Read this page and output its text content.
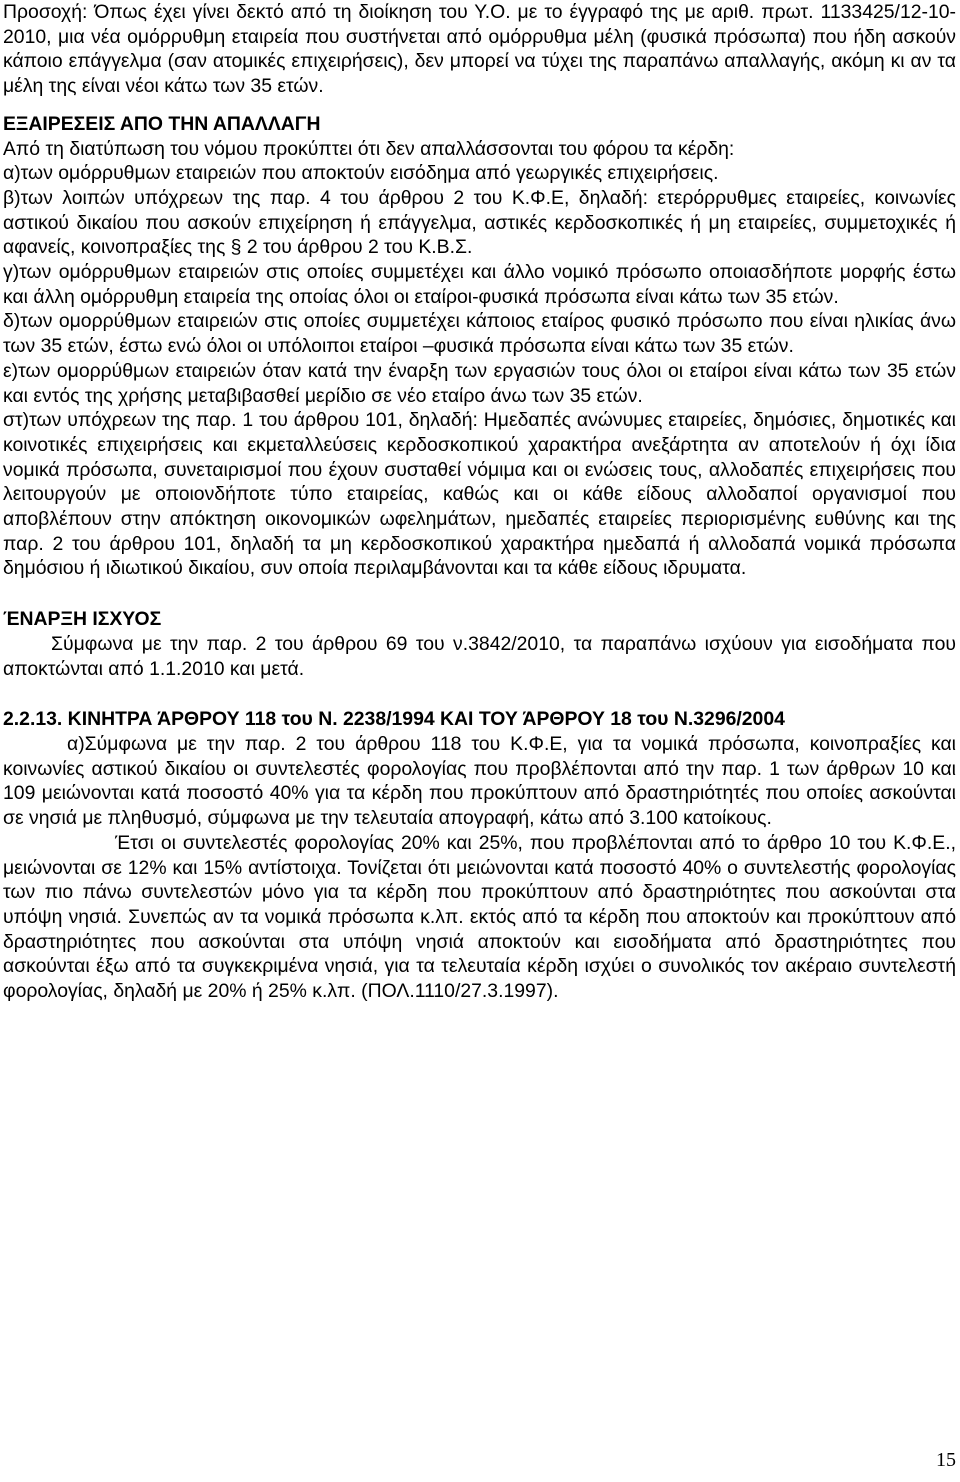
Προσοχή: Όπως έχει γίνει δεκτό από τη διοίκηση του Υ.Ο. με το έγγραφό της με αριθ. πρωτ. 1133425/12-10-2010, μια νέα ομόρρυθμη εταιρεία που συστήνεται από ομόρρυθμα μέλη (φυσικά πρόσωπα) που ήδη ασκούν κάποιο επάγγελμα (σαν ατομικές επιχειρήσεις), δεν μπορεί να τύχει της παραπάνω απαλλαγής, ακόμη κι αν τα μέλη της είναι νέοι κάτω των 35 ετών.

ΕΞΑΙΡΕΣΕΙΣ ΑΠΟ ΤΗΝ ΑΠΑΛΛΑΓΗ

Από τη διατύπωση του νόμου προκύπτει ότι δεν απαλλάσσονται του φόρου τα κέρδη:

α)των ομόρρυθμων εταιρειών που αποκτούν εισόδημα από γεωργικές επιχειρήσεις.

β)των λοιπών υπόχρεων της παρ. 4 του άρθρου 2 του Κ.Φ.Ε, δηλαδή: ετερόρρυθμες εταιρείες, κοινωνίες αστικού δικαίου που ασκούν επιχείρηση ή επάγγελμα, αστικές κερδοσκοπικές ή μη εταιρείες, συμμετοχικές ή αφανείς, κοινοπραξίες της § 2 του άρθρου 2 του Κ.Β.Σ.

γ)των ομόρρυθμων εταιρειών στις οποίες συμμετέχει και άλλο νομικό πρόσωπο οποιασδήποτε μορφής έστω και άλλη ομόρρυθμη εταιρεία της οποίας όλοι οι εταίροι-φυσικά πρόσωπα είναι κάτω των 35 ετών.

δ)των ομορρύθμων εταιρειών στις οποίες συμμετέχει κάποιος εταίρος φυσικό πρόσωπο που είναι ηλικίας άνω των 35 ετών, έστω ενώ όλοι οι υπόλοιποι εταίροι –φυσικά πρόσωπα είναι κάτω των 35 ετών.

ε)των ομορρύθμων εταιρειών όταν κατά την έναρξη των εργασιών τους όλοι οι εταίροι είναι κάτω των 35 ετών και εντός της χρήσης μεταβιβασθεί μερίδιο σε νέο εταίρο άνω των 35 ετών.

στ)των υπόχρεων της παρ. 1 του άρθρου 101, δηλαδή: Ημεδαπές ανώνυμες εταιρείες, δημόσιες, δημοτικές και κοινοτικές επιχειρήσεις και εκμεταλλεύσεις κερδοσκοπικού χαρακτήρα ανεξάρτητα αν αποτελούν ή όχι ίδια νομικά πρόσωπα, συνεταιρισμοί που έχουν συσταθεί νόμιμα και οι ενώσεις τους, αλλοδαπές επιχειρήσεις που λειτουργούν με οποιονδήποτε τύπο εταιρείας, καθώς και οι κάθε είδους αλλοδαποί οργανισμοί που αποβλέπουν στην απόκτηση οικονομικών ωφελημάτων, ημεδαπές εταιρείες περιορισμένης ευθύνης και της παρ. 2 του άρθρου 101, δηλαδή τα μη κερδοσκοπικού χαρακτήρα ημεδαπά ή αλλοδαπά νομικά πρόσωπα δημόσιου ή ιδιωτικού δικαίου, συν οποία περιλαμβάνονται και τα κάθε είδους ιδρυματα.

ΈΝΑΡΞΗ ΙΣΧΥΟΣ

Σύμφωνα με την παρ. 2 του άρθρου 69 του ν.3842/2010, τα παραπάνω ισχύουν για εισοδήματα που αποκτώνται από 1.1.2010 και μετά.

2.2.13. ΚΙΝΗΤΡΑ ΆΡΘΡΟΥ 118 του Ν. 2238/1994 ΚΑΙ ΤΟΥ ΆΡΘΡΟΥ 18 του Ν.3296/2004

α)Σύμφωνα με την παρ. 2 του άρθρου 118 του Κ.Φ.Ε, για τα νομικά πρόσωπα, κοινοπραξίες και κοινωνίες αστικού δικαίου οι συντελεστές φορολογίας που προβλέπονται από την παρ. 1 των άρθρων 10 και 109 μειώνονται κατά ποσοστό 40% για τα κέρδη που προκύπτουν από δραστηριότητές που οποίες ασκούνται σε νησιά με πληθυσμό, σύμφωνα με την τελευταία απογραφή, κάτω από 3.100 κατοίκους.

Έτσι οι συντελεστές φορολογίας 20% και 25%, που προβλέπονται από το άρθρο 10 του Κ.Φ.Ε., μειώνονται σε 12% και 15% αντίστοιχα. Τονίζεται ότι μειώνονται κατά ποσοστό 40% ο συντελεστής φορολογίας των πιο πάνω συντελεστών μόνο για τα κέρδη που προκύπτουν από δραστηριότητες που ασκούνται στα υπόψη νησιά. Συνεπώς αν τα νομικά πρόσωπα κ.λπ. εκτός από τα κέρδη που αποκτούν και προκύπτουν από δραστηριότητες που ασκούνται στα υπόψη νησιά αποκτούν και εισοδήματα από δραστηριότητες που ασκούνται έξω από τα συγκεκριμένα νησιά, για τα τελευταία κέρδη ισχύει ο συνολικός τον ακέραιο συντελεστή φορολογίας, δηλαδή με 20% ή 25% κ.λπ. (ΠΟΛ.1110/27.3.1997).

15
